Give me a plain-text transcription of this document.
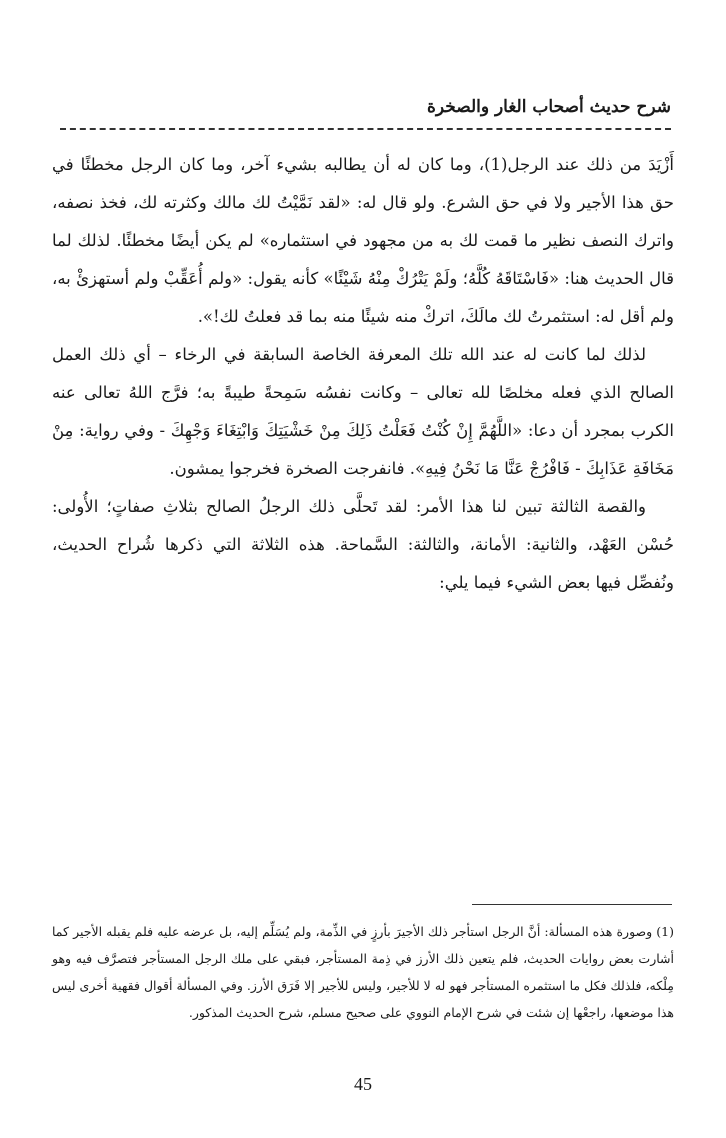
شرح حديث أصحاب الغار والصخرة

أَزْيَدَ من ذلك عند الرجل(1)، وما كان له أن يطالبه بشيء آخر، وما كان الرجل مخطئًا في حق هذا الأجير ولا في حق الشرع. ولو قال له: «لقد نَمَّيْتُ لك مالك وكثرته لك، فخذ نصفه، واترك النصف نظير ما قمت لك به من مجهود في استثماره» لم يكن أيضًا مخطئًا. لذلك لما قال الحديث هنا: «فَاسْتَاقَهُ كُلَّهُ؛ ولَمْ يَتْرُكْ مِنْهُ شَيْئًا» كأنه يقول: «ولم أُعَقِّبْ ولم أستهزئْ به، ولم أقل له: استثمرتُ لك مالَكَ، اتركْ منه شيئًا منه بما قد فعلتُ لك!».

لذلك لما كانت له عند الله تلك المعرفة الخاصة السابقة في الرخاء – أي ذلك العمل الصالح الذي فعله مخلصًا لله تعالى – وكانت نفسُه سَمِحةً طيبةً به؛ فرَّج اللهُ تعالى عنه الكرب بمجرد أن دعا: «اللَّهُمَّ إِنْ كُنْتُ فَعَلْتُ ذَلِكَ مِنْ خَشْيَتِكَ وَابْتِغَاءَ وَجْهِكَ - وفي رواية: مِنْ مَخَافَةِ عَذَابِكَ - فَافْرُجْ عَنَّا مَا نَحْنُ فِيهِ». فانفرجت الصخرة فخرجوا يمشون.

والقصة الثالثة تبين لنا هذا الأمر: لقد تَحلَّى ذلك الرجلُ الصالح بثلاثِ صفاتٍ؛ الأُولى: حُسْن العَهْد، والثانية: الأمانة، والثالثة: السَّماحة. هذه الثلاثة التي ذكرها شُراح الحديث، ونُفصِّل فيها بعض الشيء فيما يلي:

(1) وصورة هذه المسألة: أنَّ الرجل استأجر ذلك الأجيرَ بأرزٍ في الذِّمة، ولم يُسَلِّم إليه، بل عرضه عليه فلم يقبله الأجير كما أشارت بعض روايات الحديث، فلم يتعين ذلك الأرز في ذِمة المستأجر، فبقي على ملك الرجل المستأجر فتصرَّف فيه وهو مِلْكه، فلذلك فكل ما استثمره المستأجر فهو له لا للأجير، وليس للأجير إلا فَرَق الأرز. وفي المسألة أقوال فقهية أخرى ليس هذا موضعها، راجعْها إن شئت في شرح الإمام النووي على صحيح مسلم، شرح الحديث المذكور.

45
